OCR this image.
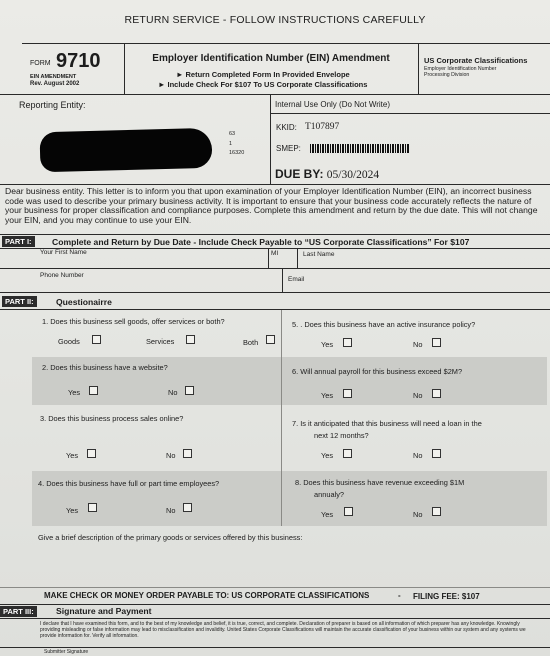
RETURN SERVICE - FOLLOW INSTRUCTIONS CAREFULLY
FORM 9710
EIN AMENDMENT
Rev. August 2002
Employer Identification Number (EIN) Amendment
► Return Completed Form In Provided Envelope
► Include Check For $107 To US Corporate Classifications
US Corporate Classifications
Employer Identification Number
Processing Division
Reporting Entity:
63
1
16320
Internal Use Only (Do Not Write)
KKID: T107897
SMEP:
DUE BY: 05/30/2024
Dear business entity. This letter is to inform you that upon examination of your Employer Identification Number (EIN), an incorrect business code was used to describe your primary business activity. It is important to ensure that your business code accurately reflects the nature of your business for proper classification and compliance purposes. Complete this amendment and return by the due date. This will not change your EIN, and you may continue to use your EIN.
PART I:	Complete and Return by Due Date - Include Check Payable to “US Corporate Classifications” For $107
Your First Name	MI	Last Name
Phone Number
Email
PART II:	Questionairre
1. Does this business sell goods, offer services or both?
Goods	Services	Both
5. . Does this business have an active insurance policy?
Yes	No
2. Does this business have a website?
Yes	No
6. Will annual payroll for this business exceed $2M?
Yes	No
3. Does this business process sales online?
Yes	No
7. Is it anticipated that this business will need a loan in the
next 12 months?
Yes	No
4. Does this business have full or part time employees?
Yes	No
8. Does this business have revenue exceeding $1M
annualy?
Yes	No
Give a brief description of the primary goods or services offered by this business:
MAKE CHECK OR MONEY ORDER PAYABLE TO: US CORPORATE CLASSIFICATIONS	- FILING FEE: $107
PART III:	Signature and Payment
I declare that I have examined this form, and to the best of my knowledge and belief, it is true, correct, and complete. Declaration of preparer is based on all information of which preparer has any knowledge. Knowingly providing misleading or false information may lead to misclassification and invalidity. United States Corporate Classifications will maintain the accurate classification of your business within our system and any systems we provide information for. Verify all information.
Submitter Signature
